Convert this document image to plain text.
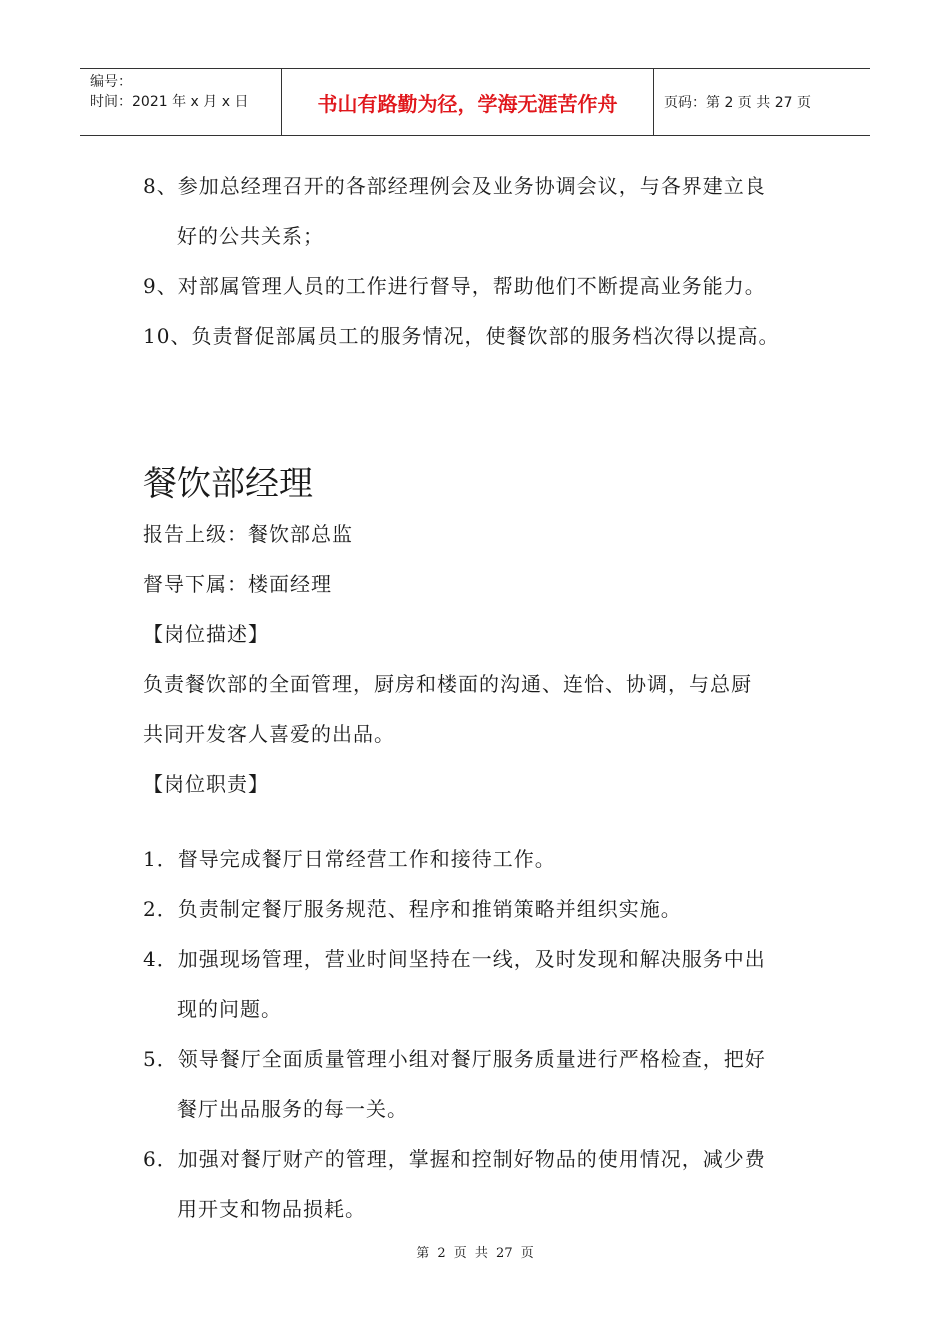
编号：
时间：2021 年 x 月 x 日	书山有路勤为径，学海无涯苦作舟	页码：第 2 页 共 27 页
8、参加总经理召开的各部经理例会及业务协调会议，与各界建立良
好的公共关系；
9、对部属管理人员的工作进行督导，帮助他们不断提高业务能力。
10、负责督促部属员工的服务情况，使餐饮部的服务档次得以提高。
餐饮部经理
报告上级：餐饮部总监
督导下属：楼面经理
【岗位描述】
负责餐饮部的全面管理，厨房和楼面的沟通、连恰、协调，与总厨
共同开发客人喜爱的出品。
【岗位职责】
1．督导完成餐厅日常经营工作和接待工作。
2．负责制定餐厅服务规范、程序和推销策略并组织实施。
4．加强现场管理，营业时间坚持在一线，及时发现和解决服务中出
现的问题。
5．领导餐厅全面质量管理小组对餐厅服务质量进行严格检查，把好
餐厅出品服务的每一关。
6．加强对餐厅财产的管理，掌握和控制好物品的使用情况，减少费
用开支和物品损耗。
第 2 页 共 27 页
